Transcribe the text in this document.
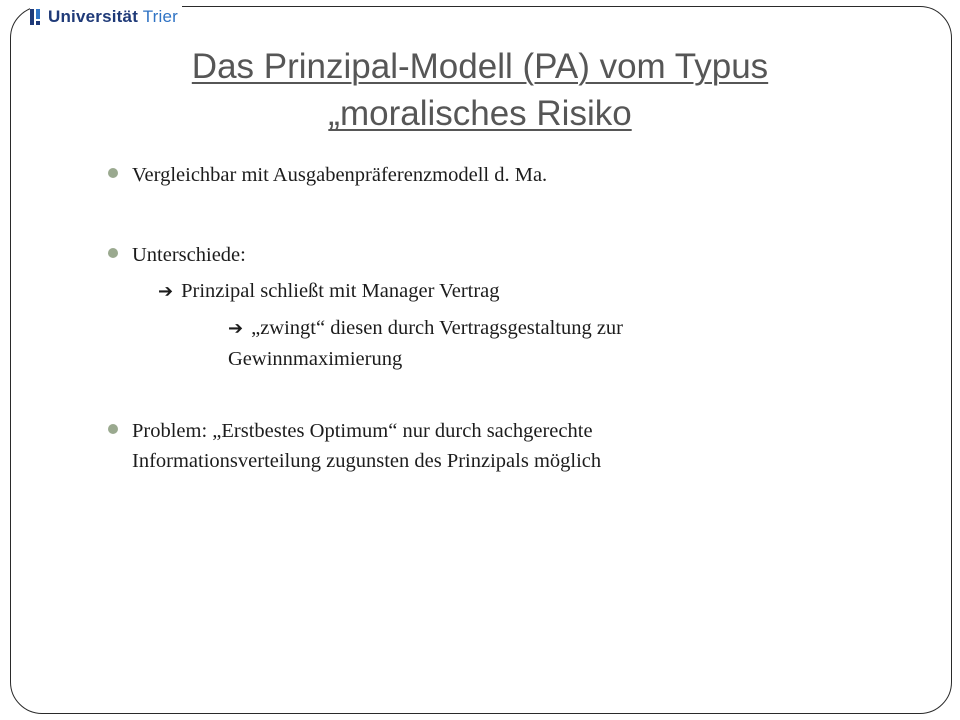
Universität Trier
Das Prinzipal-Modell (PA) vom Typus
„moralisches Risiko
Vergleichbar mit Ausgabenpräferenzmodell d. Ma.
Unterschiede:
➔ Prinzipal schließt mit Manager Vertrag
➔ „zwingt“ diesen durch Vertragsgestaltung zur
Gewinnmaximierung
Problem: „Erstbestes Optimum“ nur durch sachgerechte
Informationsverteilung zugunsten des Prinzipals möglich
